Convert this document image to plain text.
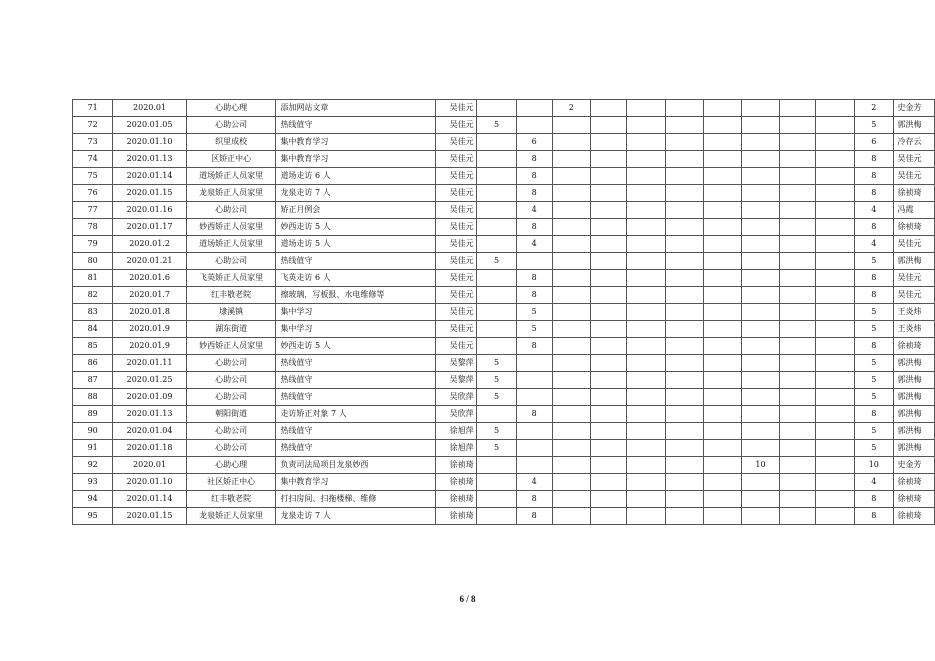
71	2020.01	心助心理	添加网站文章	吴佳元			2								2	史金芳
72	2020.01.05	心助公司	热线值守	吴佳元	5										5	郭洪梅
73	2020.01.10	织里成校	集中教育学习	吴佳元		6									6	冷存云
74	2020.01.13	区矫正中心	集中教育学习	吴佳元		8									8	吴佳元
75	2020.01.14	道场矫正人员家里	道场走访 6 人	吴佳元		8									8	吴佳元
76	2020.01.15	龙泉矫正人员家里	龙泉走访 7 人	吴佳元		8									8	徐祯琦
77	2020.01.16	心助公司	矫正月例会	吴佳元		4									4	冯霞
78	2020.01.17	妙西矫正人员家里	妙西走访 5 人	吴佳元		8									8	徐祯琦
79	2020.01.2	道场矫正人员家里	道场走访 5 人	吴佳元		4									4	吴佳元
80	2020.01.21	心助公司	热线值守	吴佳元	5										5	郭洪梅
81	2020.01.6	飞英矫正人员家里	飞英走访 6 人	吴佳元		8									8	吴佳元
82	2020.01.7	红丰敬老院	擦玻璃，写板报、水电维修等	吴佳元		8									8	吴佳元
83	2020.01.8	埭溪镇	集中学习	吴佳元		5									5	王炎炜
84	2020.01.9	湖东街道	集中学习	吴佳元		5									5	王炎炜
85	2020.01.9	妙西矫正人员家里	妙西走访 5 人	吴佳元		8									8	徐祯琦
86	2020.01.11	心助公司	热线值守	吴黎萍	5										5	郭洪梅
87	2020.01.25	心助公司	热线值守	吴黎萍	5										5	郭洪梅
88	2020.01.09	心助公司	热线值守	吴欣萍	5										5	郭洪梅
89	2020.01.13	朝阳街道	走访矫正对象 7 人	吴欣萍		8									8	郭洪梅
90	2020.01.04	心助公司	热线值守	徐旭萍	5										5	郭洪梅
91	2020.01.18	心助公司	热线值守	徐旭萍	5										5	郭洪梅
92	2020.01	心助心理	负责司法局项目龙泉妙西	徐祯琦								10			10	史金芳
93	2020.01.10	社区矫正中心	集中教育学习	徐祯琦		4									4	徐祯琦
94	2020.01.14	红丰敬老院	打扫房间、扫拖楼梯、维修	徐祯琦		8									8	徐祯琦
95	2020.01.15	龙泉矫正人员家里	龙泉走访 7 人	徐祯琦		8									8	徐祯琦
6 / 8
